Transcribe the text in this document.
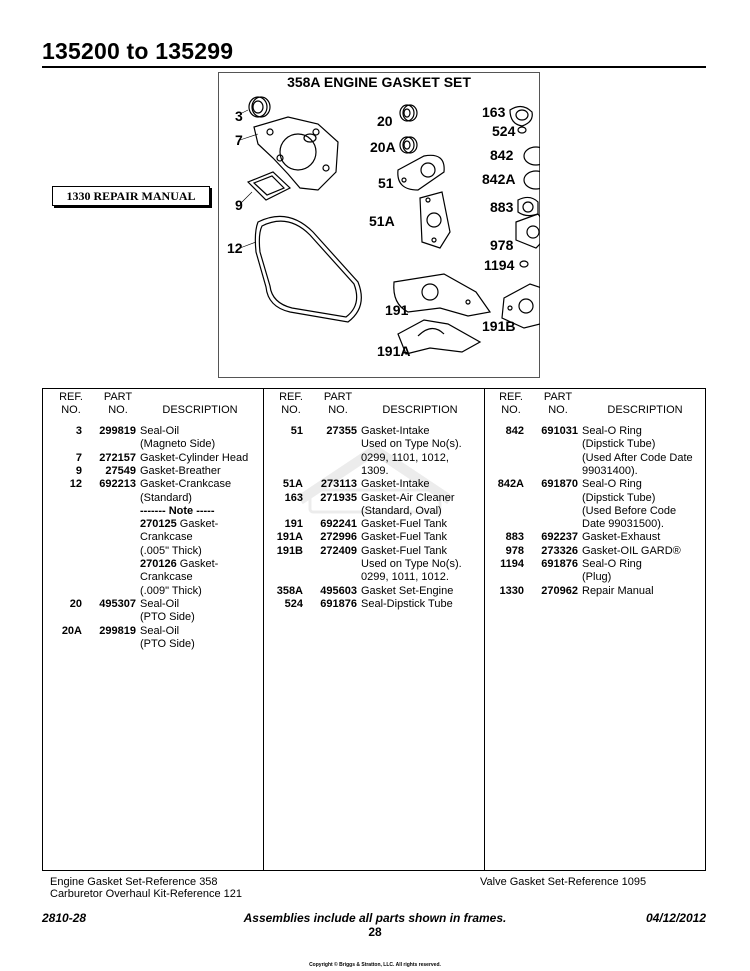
135200 to 135299
358A ENGINE GASKET SET
3
7
9
12
20
20A
51
51A
191
191A
191B
163
524
842
842A
883
978
1194
1330 REPAIR MANUAL
REF.
NO.
PART
NO.	DESCRIPTION
REF.
NO.
PART
NO.	DESCRIPTION
REF.
NO.
PART
NO.	DESCRIPTION
3	299819 Seal-Oil
(Magneto Side)
7	272157 Gasket-Cylinder Head
9	27549 Gasket-Breather
12	692213 Gasket-Crankcase
(Standard)
------- Note -----
270125 Gasket-
Crankcase
(.005" Thick)
270126 Gasket-
Crankcase
(.009" Thick)
20	495307 Seal-Oil
(PTO Side)
20A	299819 Seal-Oil
(PTO Side)
51	27355 Gasket-Intake
Used on Type No(s).
0299, 1101, 1012,
1309.
51A	273113 Gasket-Intake
163	271935 Gasket-Air Cleaner
(Standard, Oval)
191	692241 Gasket-Fuel Tank
191A	272996 Gasket-Fuel Tank
191B	272409 Gasket-Fuel Tank
Used on Type No(s).
0299, 1011, 1012.
358A	495603 Gasket Set-Engine
524	691876 Seal-Dipstick Tube
842	691031 Seal-O Ring
(Dipstick Tube)
(Used After Code Date
99031400).
842A	691870 Seal-O Ring
(Dipstick Tube)
(Used Before Code
Date 99031500).
883	692237 Gasket-Exhaust
978	273326 Gasket-OIL GARD®
1194	691876 Seal-O Ring
(Plug)
1330	270962 Repair Manual
Engine Gasket Set-Reference 358
Carburetor Overhaul Kit-Reference 121
Valve Gasket Set-Reference 1095
2810-28	Assemblies include all parts shown in frames.
28
04/12/2012
Copyright © Briggs & Stratton, LLC. All rights reserved.
